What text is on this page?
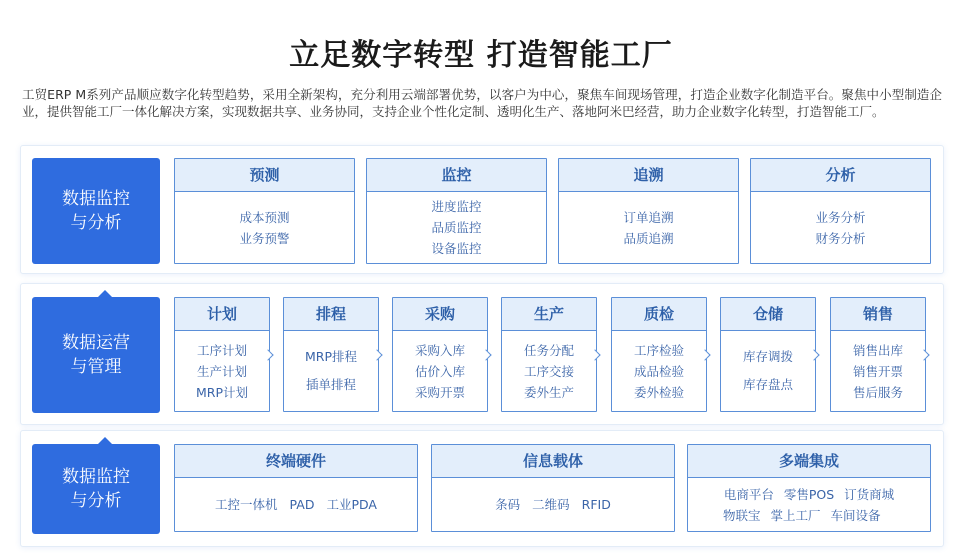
立足数字转型 打造智能工厂
工贸ERP M系列产品顺应数字化转型趋势，采用全新架构，充分利用云端部署优势，以客户为中心，聚焦车间现场管理，打造企业数字化制造平台。聚焦中小型制造企业，提供智能工厂一体化解决方案，实现数据共享、业务协同，支持企业个性化定制、透明化生产、落地阿米巴经营，助力企业数字化转型，打造智能工厂。
数据监控
与分析
预测
成本预测
业务预警
监控
进度监控
品质监控
设备监控
追溯
订单追溯
品质追溯
分析
业务分析
财务分析
数据运营
与管理
计划
工序计划
生产计划
MRP计划
排程
MRP排程
插单排程
采购
采购入库
估价入库
采购开票
生产
任务分配
工序交接
委外生产
质检
工序检验
成品检验
委外检验
仓储
库存调拨
库存盘点
销售
销售出库
销售开票
售后服务
数据监控
与分析
终端硬件
工控一体机 PAD 工业PDA
信息载体
条码 二维码 RFID
多端集成
电商平台 零售POS 订货商城
物联宝 掌上工厂 车间设备
